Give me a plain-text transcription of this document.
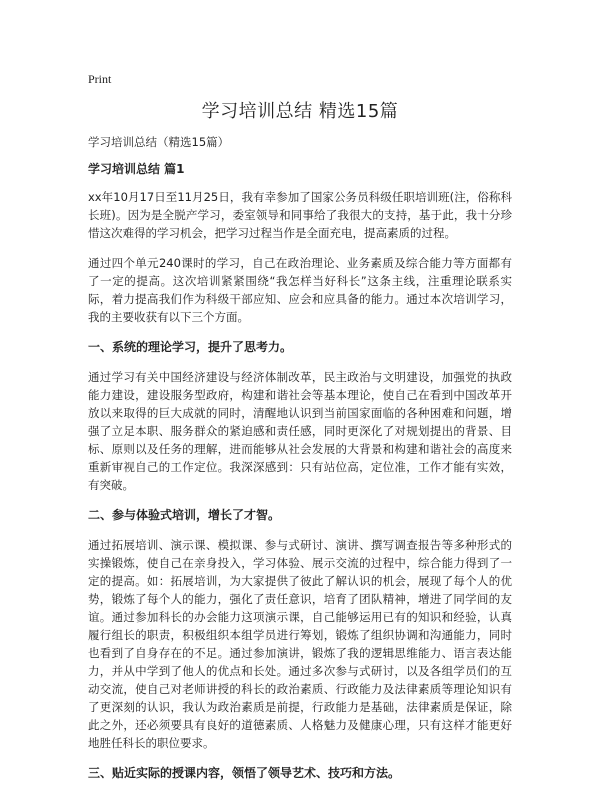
Print
学习培训总结 精选15篇

学习培训总结（精选15篇）

学习培训总结 篇1

xx年10月17日至11月25日，我有幸参加了国家公务员科级任职培训班(注，俗称科长班)。因为是全脱产学习，委室领导和同事给了我很大的支持，基于此，我十分珍惜这次难得的学习机会，把学习过程当作是全面充电，提高素质的过程。

通过四个单元240课时的学习，自己在政治理论、业务素质及综合能力等方面都有了一定的提高。这次培训紧紧围绕“我怎样当好科长”这条主线，注重理论联系实际，着力提高我们作为科级干部应知、应会和应具备的能力。通过本次培训学习，我的主要收获有以下三个方面。

一、系统的理论学习，提升了思考力。

通过学习有关中国经济建设与经济体制改革，民主政治与文明建设，加强党的执政能力建设，建设服务型政府，构建和谐社会等基本理论，使自己在看到中国改革开放以来取得的巨大成就的同时，清醒地认识到当前国家面临的各种困难和问题，增强了立足本职、服务群众的紧迫感和责任感，同时更深化了对规划提出的背景、目标、原则以及任务的理解，进而能够从社会发展的大背景和构建和谐社会的高度来重新审视自己的工作定位。我深深感到：只有站位高，定位准，工作才能有实效，有突破。

二、参与体验式培训，增长了才智。

通过拓展培训、演示课、模拟课、参与式研讨、演讲、撰写调查报告等多种形式的实操锻炼，使自己在亲身投入，学习体验、展示交流的过程中，综合能力得到了一定的提高。如：拓展培训，为大家提供了彼此了解认识的机会，展现了每个人的优势，锻炼了每个人的能力，强化了责任意识，培育了团队精神，增进了同学间的友谊。通过参加科长的办会能力这项演示课，自己能够运用已有的知识和经验，认真履行组长的职责，积极组织本组学员进行筹划，锻炼了组织协调和沟通能力，同时也看到了自身存在的不足。通过参加演讲，锻炼了我的逻辑思维能力、语言表达能力，并从中学到了他人的优点和长处。通过多次参与式研讨，以及各组学员们的互动交流，使自己对老师讲授的科长的政治素质、行政能力及法律素质等理论知识有了更深刻的认识，我认为政治素质是前提，行政能力是基础，法律素质是保证，除此之外，还必须要具有良好的道德素质、人格魅力及健康心理，只有这样才能更好地胜任科长的职位要求。

三、贴近实际的授课内容，领悟了领导艺术、技巧和方法。
